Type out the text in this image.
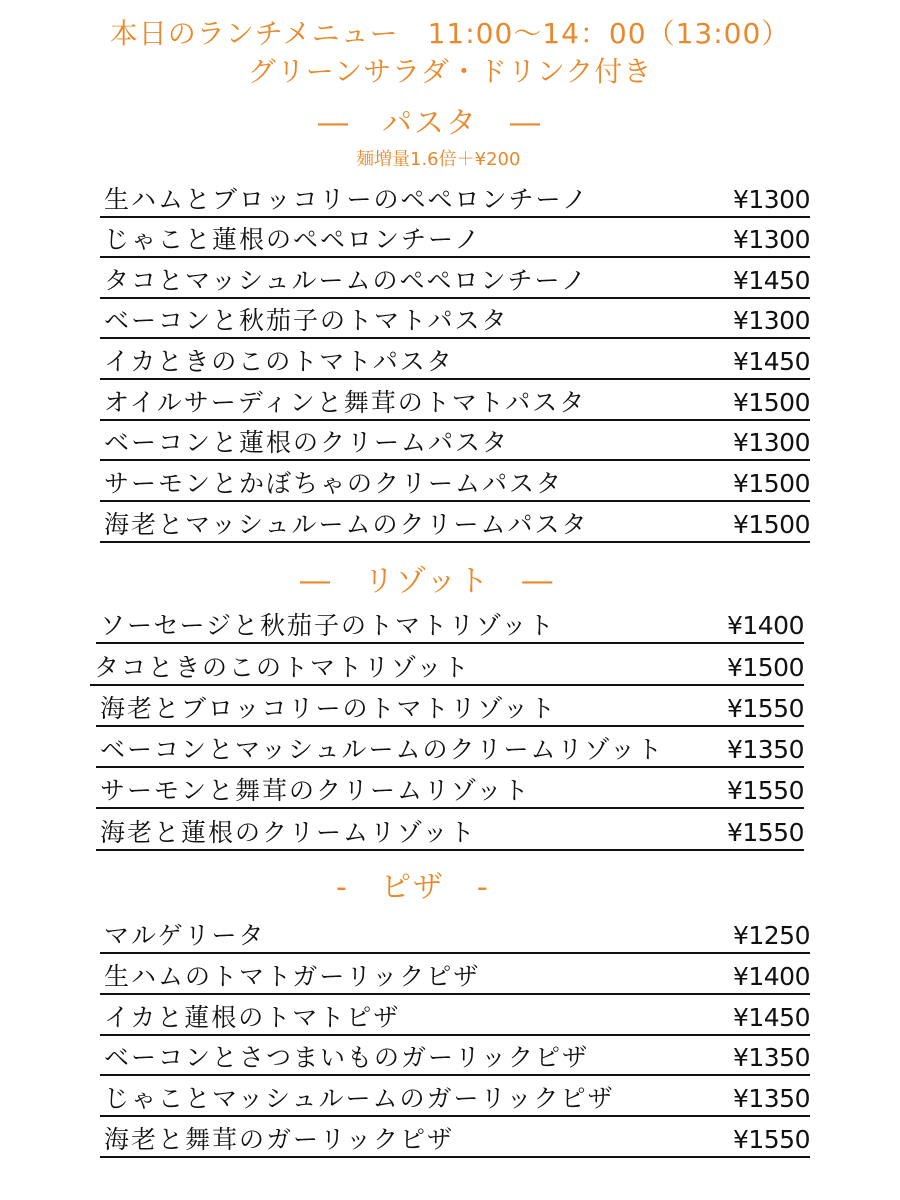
本日のランチメニュー　11:00～14：00（13:00）
グリーンサラダ・ドリンク付き
―　パスタ　―
麺増量1.6倍＋¥200
生ハムとブロッコリーのペペロンチーノ	¥1300
じゃこと蓮根のペペロンチーノ	¥1300
タコとマッシュルームのペペロンチーノ	¥1450
ベーコンと秋茄子のトマトパスタ	¥1300
イカときのこのトマトパスタ	¥1450
オイルサーディンと舞茸のトマトパスタ	¥1500
ベーコンと蓮根のクリームパスタ	¥1300
サーモンとかぼちゃのクリームパスタ	¥1500
海老とマッシュルームのクリームパスタ	¥1500
―　リゾット　―
ソーセージと秋茄子のトマトリゾット	¥1400
タコときのこのトマトリゾット	¥1500
海老とブロッコリーのトマトリゾット	¥1550
ベーコンとマッシュルームのクリームリゾット	¥1350
サーモンと舞茸のクリームリゾット	¥1550
海老と蓮根のクリームリゾット	¥1550
-　ピザ　-
マルゲリータ	¥1250
生ハムのトマトガーリックピザ	¥1400
イカと蓮根のトマトピザ	¥1450
ベーコンとさつまいものガーリックピザ	¥1350
じゃことマッシュルームのガーリックピザ	¥1350
海老と舞茸のガーリックピザ	¥1550
